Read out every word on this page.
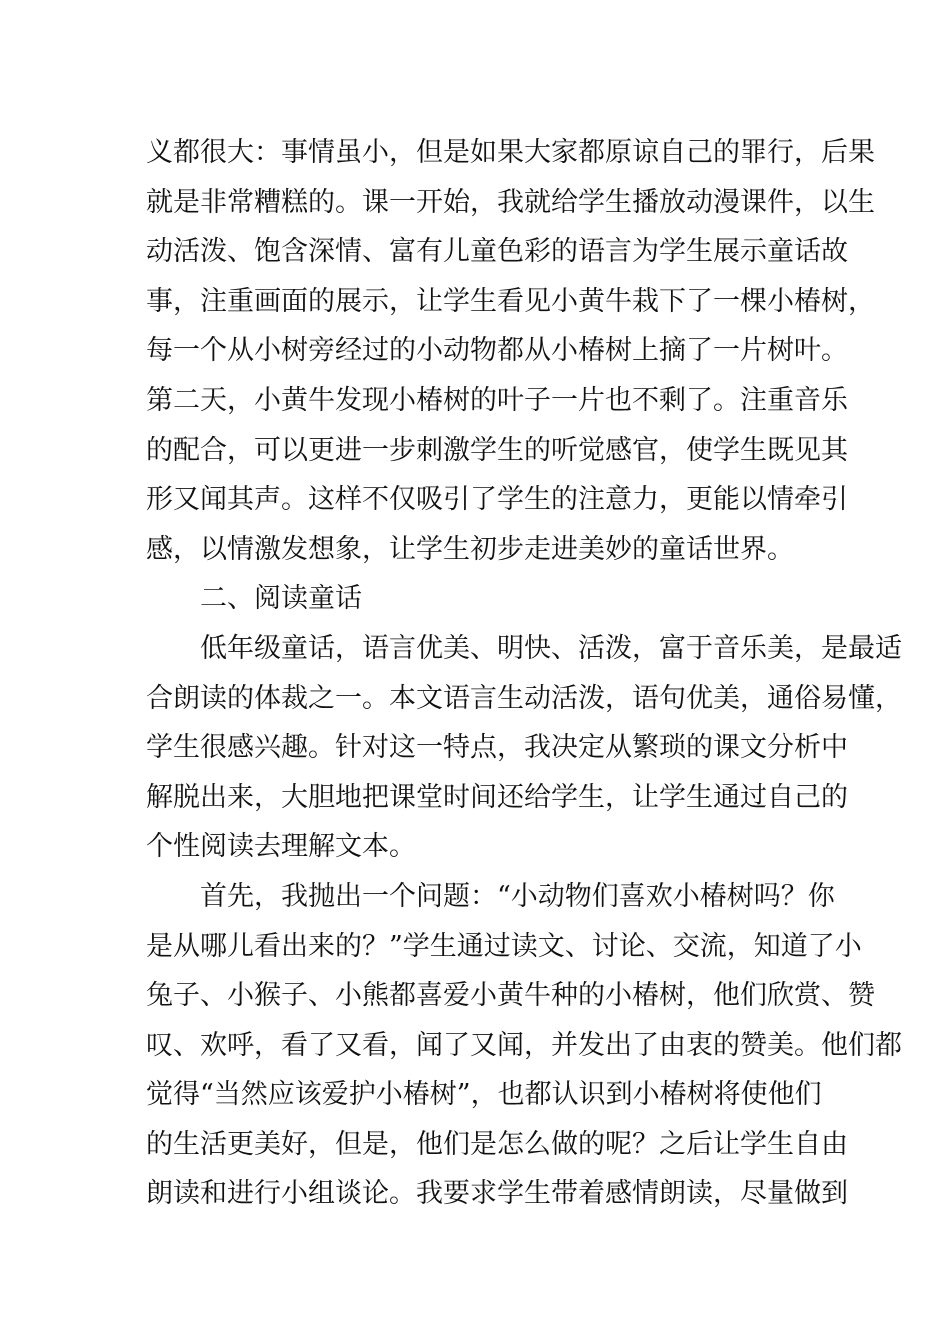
义都很大：事情虽小，但是如果大家都原谅自己的罪行，后果
就是非常糟糕的。课一开始，我就给学生播放动漫课件，以生
动活泼、饱含深情、富有儿童色彩的语言为学生展示童话故
事，注重画面的展示，让学生看见小黄牛栽下了一棵小椿树，
每一个从小树旁经过的小动物都从小椿树上摘了一片树叶。
第二天，小黄牛发现小椿树的叶子一片也不剩了。注重音乐
的配合，可以更进一步刺激学生的听觉感官，使学生既见其
形又闻其声。这样不仅吸引了学生的注意力，更能以情牵引
感，以情激发想象，让学生初步走进美妙的童话世界。
二、阅读童话
低年级童话，语言优美、明快、活泼，富于音乐美，是最适
合朗读的体裁之一。本文语言生动活泼，语句优美，通俗易懂，
学生很感兴趣。针对这一特点，我决定从繁琐的课文分析中
解脱出来，大胆地把课堂时间还给学生，让学生通过自己的
个性阅读去理解文本。
首先，我抛出一个问题：“小动物们喜欢小椿树吗？你
是从哪儿看出来的？”学生通过读文、讨论、交流，知道了小
兔子、小猴子、小熊都喜爱小黄牛种的小椿树，他们欣赏、赞
叹、欢呼，看了又看，闻了又闻，并发出了由衷的赞美。他们都
觉得“当然应该爱护小椿树”，也都认识到小椿树将使他们
的生活更美好，但是，他们是怎么做的呢？之后让学生自由
朗读和进行小组谈论。我要求学生带着感情朗读，尽量做到
